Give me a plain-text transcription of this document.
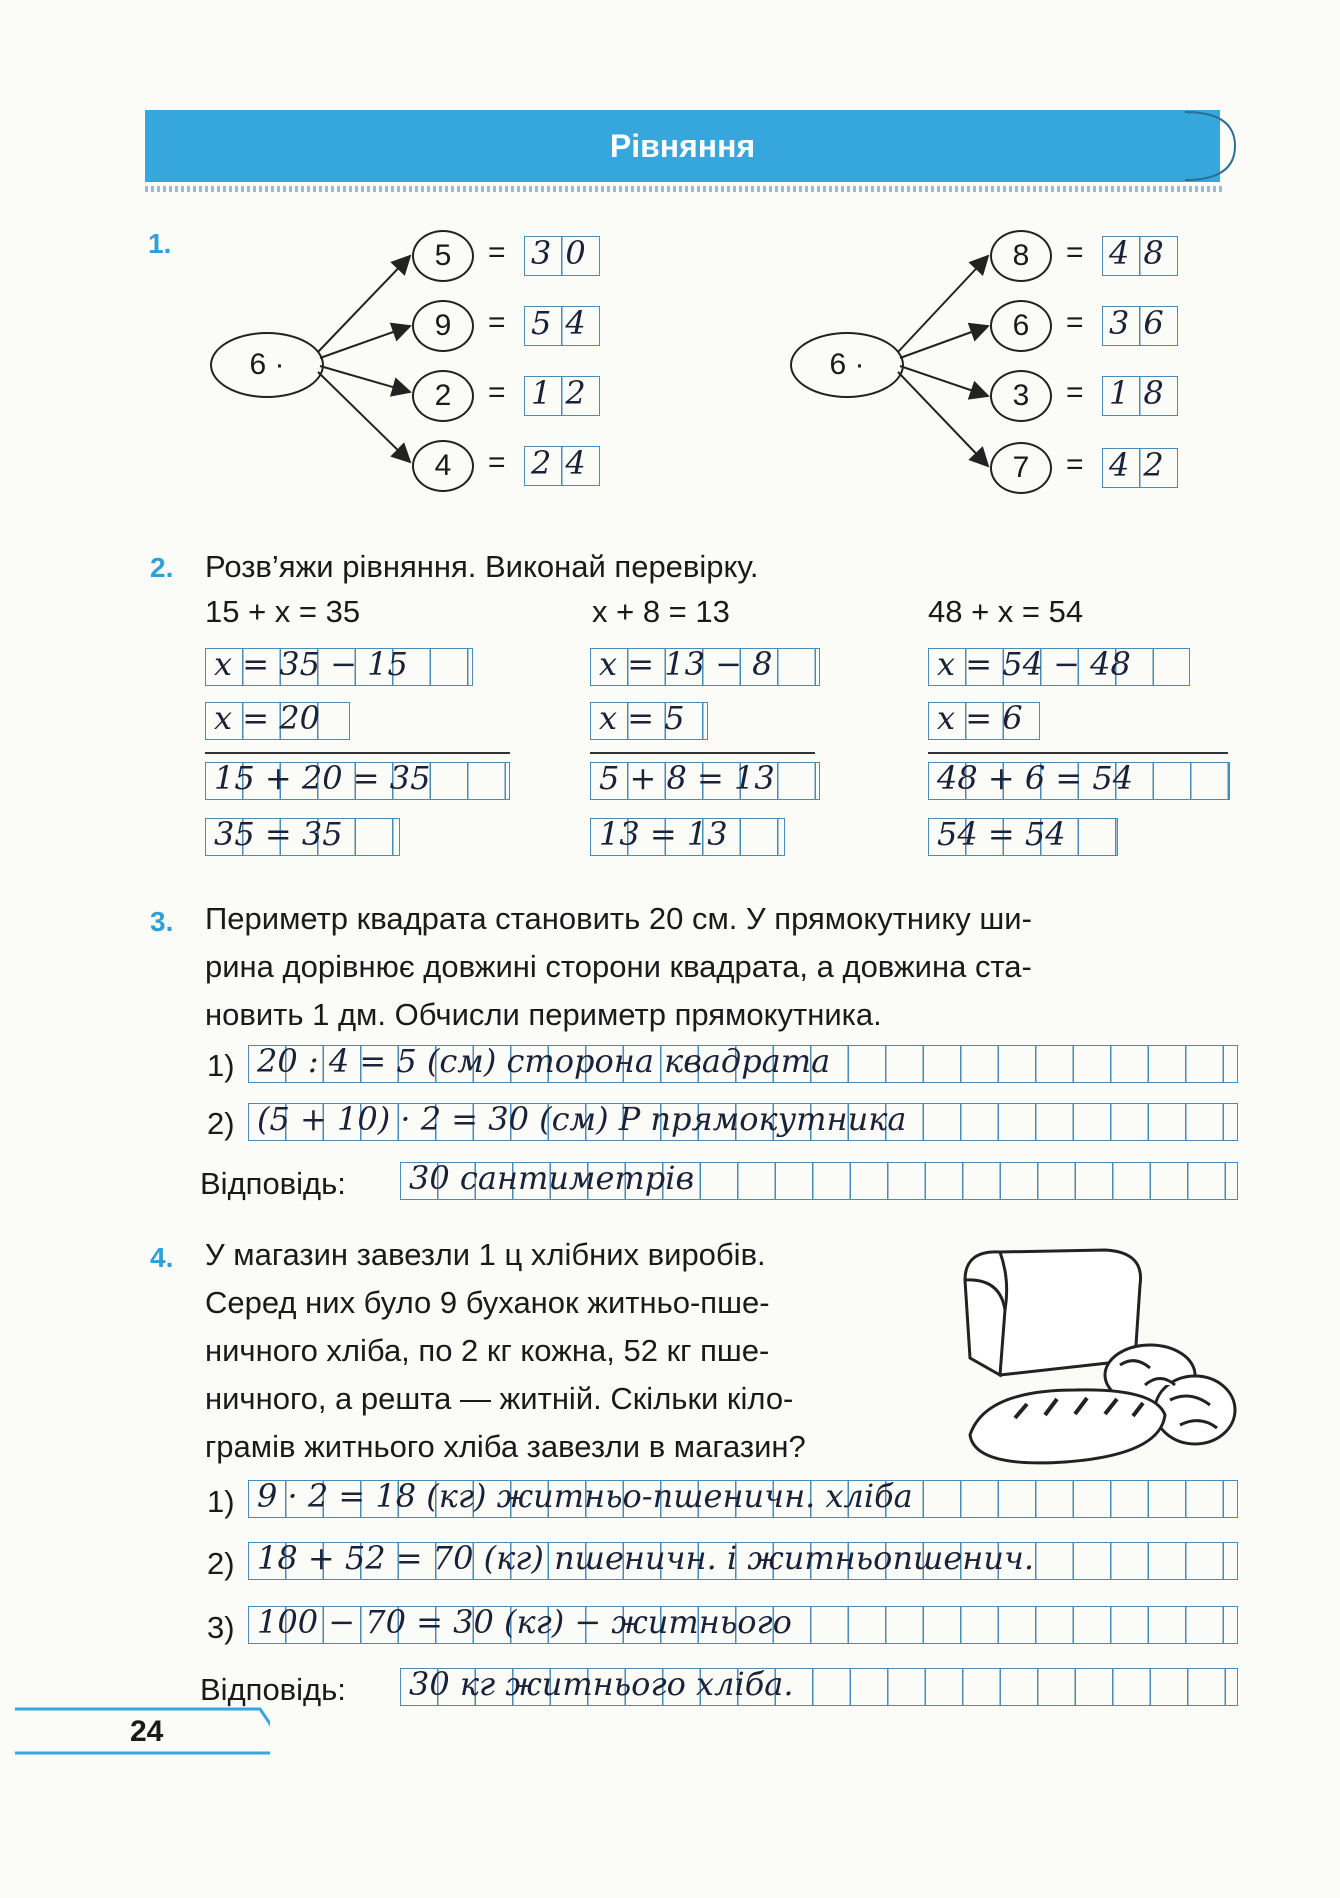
Рівняння
1.
6 ·	6 ·
5
9
2
4
=
=
=
=
30
54
12
24
8
6
3
7
=
=
=
=
48
36
18
42
2. Розв’яжи рівняння. Виконай перевірку.
15 + x = 35	x + 8 = 13	48 + x = 54
x = 35 − 15
x = 20
x = 13 − 8
x = 5
x = 54 − 48
x = 6
15 + 20 = 35
35 = 35
5 + 8 = 13
13 = 13
48 + 6 = 54
54 = 54
3. Периметр квадрата становить 20 см. У прямокутнику ши-
рина дорівнює довжині сторони квадрата, а довжина ста-
новить 1 дм. Обчисли периметр прямокутника.
1) 20 : 4 = 5 (см) сторона квадрата
2) (5 + 10) · 2 = 30 (см) P прямокутника
Відповідь: 30 сантиметрів
4. У магазин завезли 1 ц хлібних виробів.
Серед них було 9 буханок житньо-пше-
ничного хліба, по 2 кг кожна, 52 кг пше-
ничного, а решта — житній. Скільки кіло-
грамів житнього хліба завезли в магазин?
1) 9 · 2 = 18 (кг) житньо-пшеничн. хліба
2) 18 + 52 = 70 (кг) пшеничн. і житньопшенич.
3) 100 − 70 = 30 (кг) − житнього
Відповідь: 30 кг житнього хліба.
24
